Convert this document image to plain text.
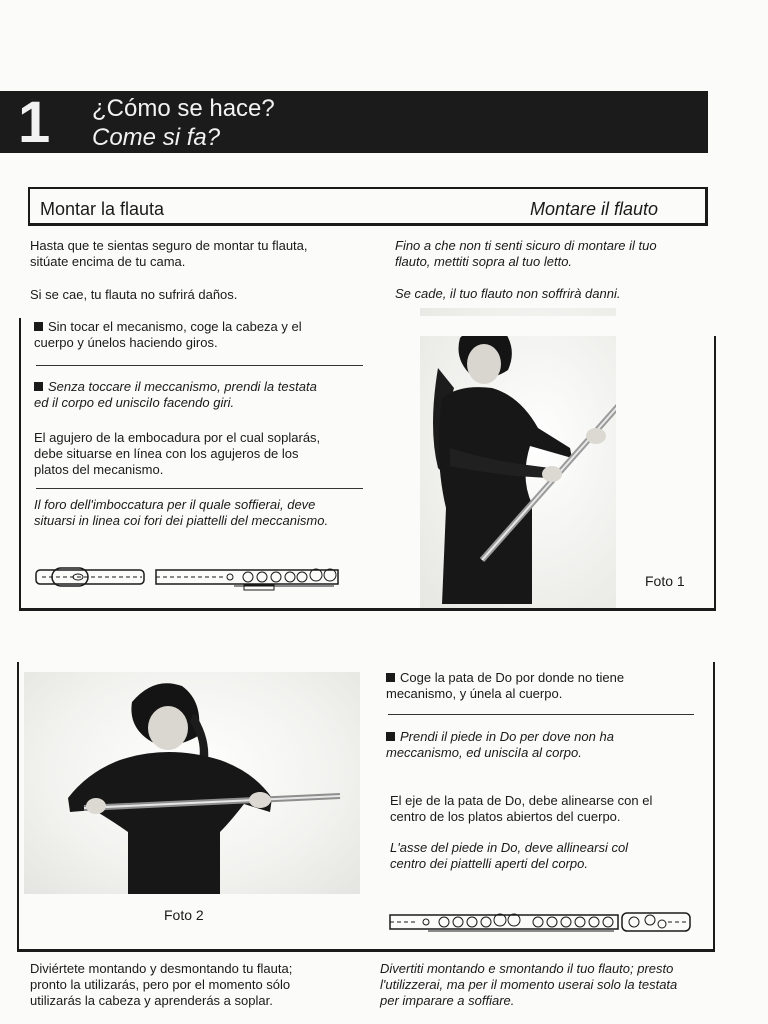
1 ¿Cómo se hace?
Come si fa?
Montar la flauta	Montare il flauto
Hasta que te sientas seguro de montar tu flauta,
sitúate encima de tu cama.
Si se cae, tu flauta no sufrirá daños.
Fino a che non ti senti sicuro di montare il tuo
flauto, mettiti sopra al tuo letto.
Se cade, il tuo flauto non soffrirà danni.
Foto 1
Sin tocar el mecanismo, coge la cabeza y el
cuerpo y únelos haciendo giros.
Senza toccare il meccanismo, prendi la testata
ed il corpo ed unisciIo facendo giri.
El agujero de la embocadura por el cual soplarás,
debe situarse en línea con los agujeros de los
platos del mecanismo.
Il foro dell'imboccatura per il quale soffierai, deve
situarsi in linea coi fori dei piattelli del meccanismo.
Foto 2
Coge la pata de Do por donde no tiene
mecanismo, y únela al cuerpo.
Prendi il piede in Do per dove non ha
meccanismo, ed unisciIa al corpo.
El eje de la pata de Do, debe alinearse con el
centro de los platos abiertos del cuerpo.
L'asse del piede in Do, deve allinearsi col
centro dei piattelli aperti del corpo.
Diviértete montando y desmontando tu flauta;
pronto la utilizarás, pero por el momento sólo
utilizarás la cabeza y aprenderás a soplar.
Divertiti montando e smontando il tuo flauto; presto
l'utilizzerai, ma per il momento userai solo la testata
per imparare a soffiare.
